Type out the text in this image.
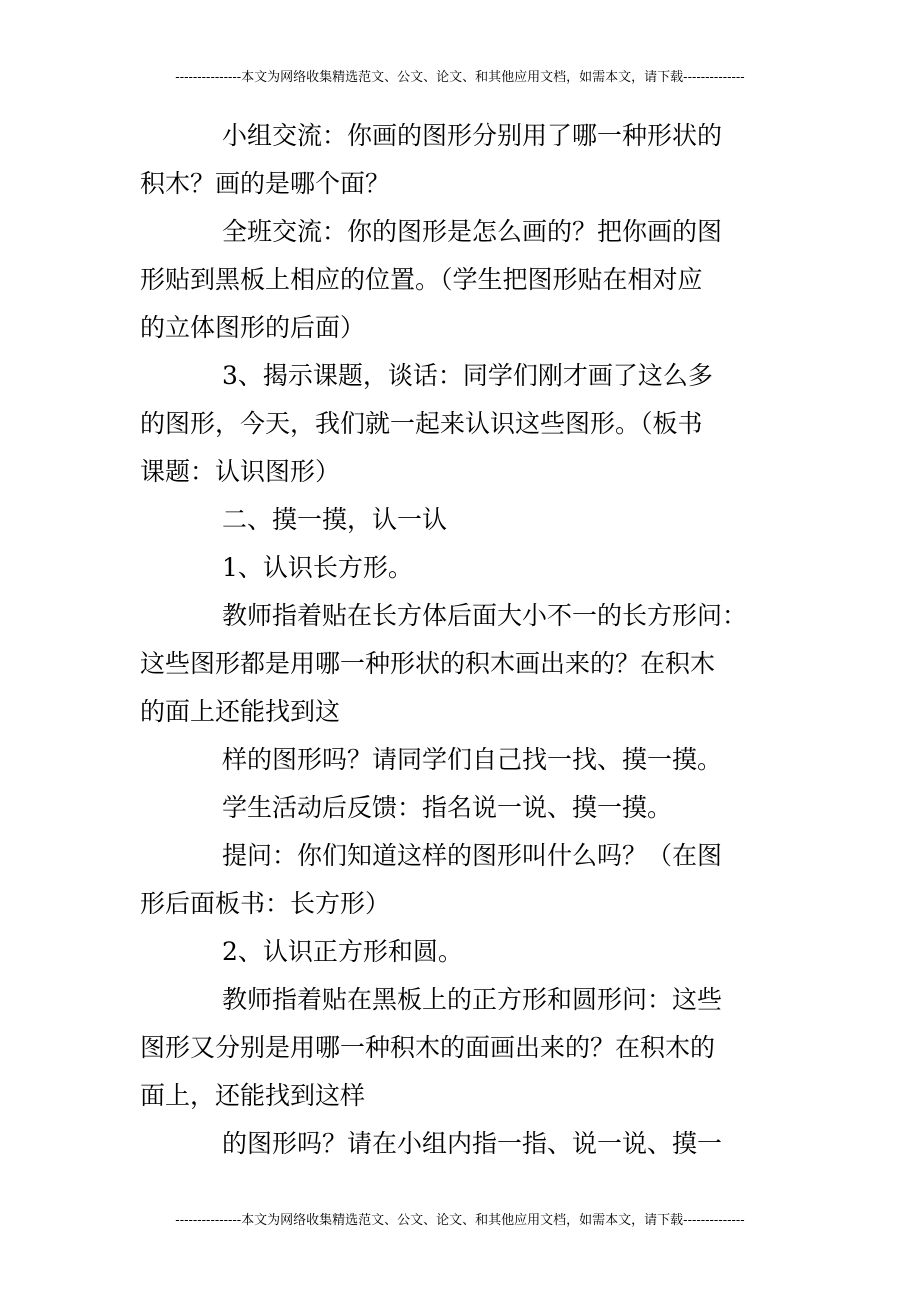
---------------本文为网络收集精选范文、公文、论文、和其他应用文档，如需本文，请下载--------------
小组交流：你画的图形分别用了哪一种形状的
积木？画的是哪个面？
全班交流：你的图形是怎么画的？把你画的图
形贴到黑板上相应的位置。（学生把图形贴在相对应
的立体图形的后面）
3、揭示课题，谈话：同学们刚才画了这么多
的图形，今天，我们就一起来认识这些图形。（板书
课题：认识图形）
二、摸一摸，认一认
1、认识长方形。
教师指着贴在长方体后面大小不一的长方形问：
这些图形都是用哪一种形状的积木画出来的？在积木
的面上还能找到这
样的图形吗？请同学们自己找一找、摸一摸。
学生活动后反馈：指名说一说、摸一摸。
提问：你们知道这样的图形叫什么吗？（在图
形后面板书：长方形）
2、认识正方形和圆。
教师指着贴在黑板上的正方形和圆形问：这些
图形又分别是用哪一种积木的面画出来的？在积木的
面上，还能找到这样
的图形吗？请在小组内指一指、说一说、摸一
---------------本文为网络收集精选范文、公文、论文、和其他应用文档，如需本文，请下载--------------
